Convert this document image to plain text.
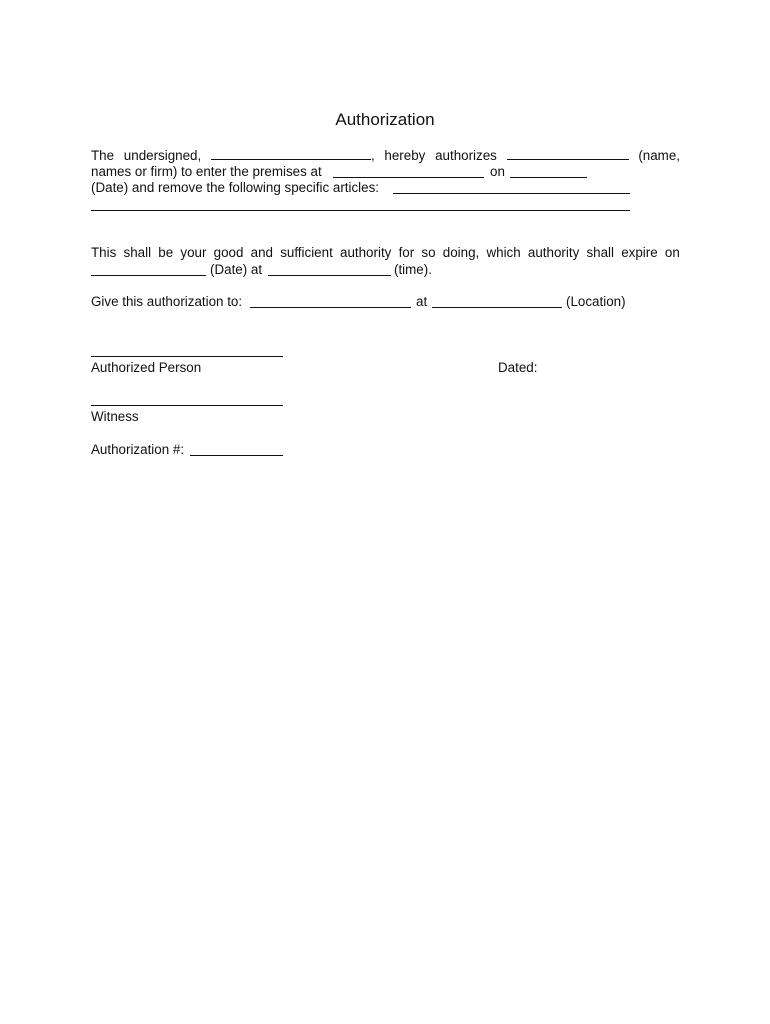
Authorization
The undersigned,	, hereby authorizes	(name,
names or firm) to enter the premises at	on
(Date) and remove the following specific articles:
This shall be your good and sufficient authority for so doing, which authority shall expire on
(Date) at	(time).
Give this authorization to:	at	(Location)
Authorized Person	Dated:
Witness
Authorization #:
